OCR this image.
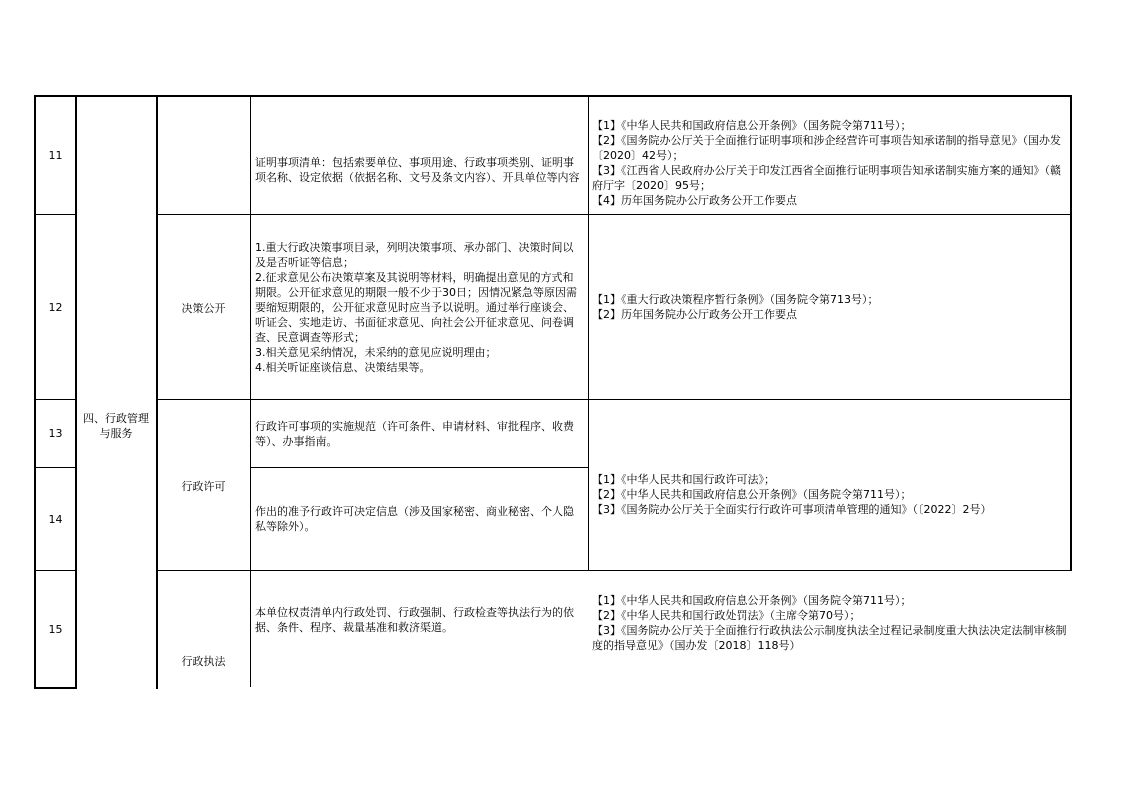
11
12
13
14
15
四、行政管理与服务
决策公开
行政许可
行政执法
证明事项清单：包括索要单位、事项用途、行政事项类别、证明事项名称、设定依据（依据名称、文号及条文内容）、开具单位等内容
1.重大行政决策事项目录，列明决策事项、承办部门、决策时间以及是否听证等信息；
2.征求意见公布决策草案及其说明等材料，明确提出意见的方式和期限。公开征求意见的期限一般不少于30日；因情况紧急等原因需要缩短期限的，公开征求意见时应当予以说明。通过举行座谈会、听证会、实地走访、书面征求意见、向社会公开征求意见、问卷调查、民意调查等形式；
3.相关意见采纳情况，未采纳的意见应说明理由；
4.相关听证座谈信息、决策结果等。
行政许可事项的实施规范（许可条件、申请材料、审批程序、收费等）、办事指南。
作出的准予行政许可决定信息（涉及国家秘密、商业秘密、个人隐私等除外）。
本单位权责清单内行政处罚、行政强制、行政检查等执法行为的依据、条件、程序、裁量基准和救济渠道。
【1】《中华人民共和国政府信息公开条例》（国务院令第711号）；
【2】《国务院办公厅关于全面推行证明事项和涉企经营许可事项告知承诺制的指导意见》（国办发〔2020〕42号）；
【3】《江西省人民政府办公厅关于印发江西省全面推行证明事项告知承诺制实施方案的通知》（赣府厅字〔2020〕95号；
【4】历年国务院办公厅政务公开工作要点
【1】《重大行政决策程序暂行条例》（国务院令第713号）；
【2】历年国务院办公厅政务公开工作要点
【1】《中华人民共和国行政许可法》；
【2】《中华人民共和国政府信息公开条例》（国务院令第711号）；
【3】《国务院办公厅关于全面实行行政许可事项清单管理的通知》（〔2022〕2号）
【1】《中华人民共和国政府信息公开条例》（国务院令第711号）；
【2】《中华人民共和国行政处罚法》（主席令第70号）；
【3】《国务院办公厅关于全面推行行政执法公示制度执法全过程记录制度重大执法决定法制审核制度的指导意见》（国办发〔2018〕118号）
